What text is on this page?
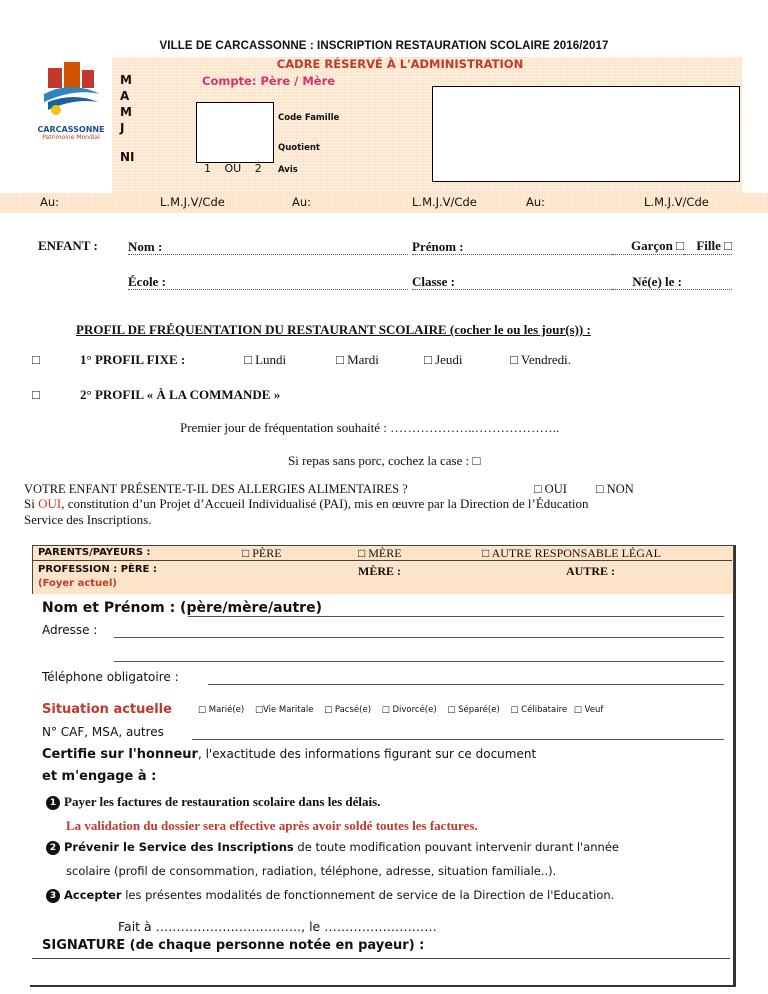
VILLE DE CARCASSONNE : INSCRIPTION RESTAURATION SCOLAIRE 2016/2017
CARCASSONNE
Patrimoine Mondial
CADRE RÉSERVÉ À L'ADMINISTRATION
Compte: Père / Mère
M
A
M
J
NI
Code Famille
Quotient
1 OU 2	Avis
Au:	L.M.J.V/Cde	Au:	L.M.J.V/Cde	Au:	L.M.J.V/Cde
ENFANT : Nom :	Prénom :	Garçon □ Fille □
École :	Classe :	Né(e) le :
PROFIL DE FRÉQUENTATION DU RESTAURANT SCOLAIRE (cocher le ou les jour(s)) :
□	1° PROFIL FIXE :	□ Lundi	□ Mardi	□ Jeudi	□ Vendredi.
□	2° PROFIL « À LA COMMANDE »
Premier jour de fréquentation souhaité : ………………..………………..
Si repas sans porc, cochez la case : □
VOTRE ENFANT PRÉSENTE-T-IL DES ALLERGIES ALIMENTAIRES ?	□ OUI □ NON
Si OUI, constitution d’un Projet d’Accueil Individualisé (PAI), mis en œuvre par la Direction de l’Éducation
Service des Inscriptions.
PARENTS/PAYEURS :	□ PÈRE	□ MÈRE	□ AUTRE RESPONSABLE LÉGAL
PROFESSION : PÈRE :
(Foyer actuel)
MÈRE :	AUTRE :
Nom et Prénom : (père/mère/autre)
Adresse :
Téléphone obligatoire :
Situation actuelle	□ Marié(e) □Vie Maritale □ Pacsé(e) □ Divorcé(e) □ Séparé(e) □ Célibataire □ Veuf
N° CAF, MSA, autres
Certifie sur l'honneur, l'exactitude des informations figurant sur ce document
et m'engage à :
1 Payer les factures de restauration scolaire dans les délais.
La validation du dossier sera effective après avoir soldé toutes les factures.
2 Prévenir le Service des Inscriptions de toute modification pouvant intervenir durant l'année
scolaire (profil de consommation, radiation, téléphone, adresse, situation familiale..).
3 Accepter les présentes modalités de fonctionnement de service de la Direction de l'Education.
Fait à ……………….……………., le ………………………
SIGNATURE (de chaque personne notée en payeur) :
